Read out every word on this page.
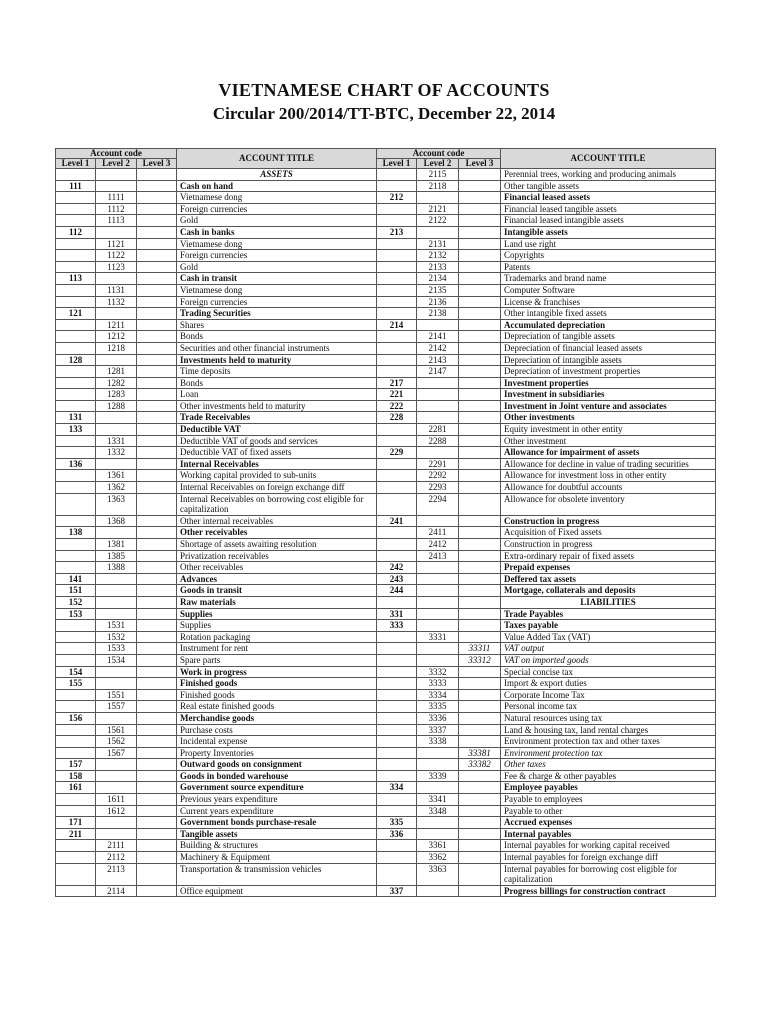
VIETNAMESE CHART OF ACCOUNTS
Circular 200/2014/TT-BTC, December 22, 2014
Account code			ACCOUNT TITLE	Account code			ACCOUNT TITLE
Level 1	Level 2	Level 3		Level 1	Level 2	Level 3	
			ASSETS		2115		Perennial trees, working and producing animals
111			Cash on hand		2118		Other tangible assets
	1111		Vietnamese dong	212			Financial leased assets
	1112		Foreign currencies		2121		Financial leased tangible assets
	1113		Gold		2122		Financial leased intangible assets
112			Cash in banks	213			Intangible assets
	1121		Vietnamese dong		2131		Land use right
	1122		Foreign currencies		2132		Copyrights
	1123		Gold		2133		Patents
113			Cash in transit		2134		Trademarks and brand name
	1131		Vietnamese dong		2135		Computer Software
	1132		Foreign currencies		2136		License & franchises
121			Trading Securities		2138		Other intangible fixed assets
	1211		Shares	214			Accumulated depreciation
	1212		Bonds		2141		Depreciation of tangible assets
	1218		Securities and other financial instruments		2142		Depreciation of financial leased assets
128			Investments held to maturity		2143		Depreciation of intangible assets
	1281		Time deposits		2147		Depreciation of investment properties
	1282		Bonds	217			Investment properties
	1283		Loan	221			Investment in subsidiaries
	1288		Other investments held to maturity	222			Investment in Joint venture and associates
131			Trade Receivables	228			Other investments
133			Deductible VAT		2281		Equity investment in other entity
	1331		Deductible VAT of goods and services		2288		Other investment
	1332		Deductible VAT of fixed assets	229			Allowance for impairment of assets
136			Internal Receivables		2291		Allowance for decline in value of trading securities
	1361		Working capital provided to sub-units		2292		Allowance for investment loss in other entity
	1362		Internal Receivables on foreign exchange diff		2293		Allowance for doubtful accounts
	1363		Internal Receivables on borrowing cost eligible for capitalization		2294		Allowance for obsolete inventory
	1368		Other internal receivables	241			Construction in progress
138			Other receivables		2411		Acquisition of Fixed assets
	1381		Shortage of assets awaiting resolution		2412		Construction in progress
	1385		Privatization receivables		2413		Extra-ordinary repair of fixed assets
	1388		Other receivables	242			Prepaid expenses
141			Advances	243			Deffered tax assets
151			Goods in transit	244			Mortgage, collaterals and deposits
152			Raw materials				LIABILITIES
153			Supplies	331			Trade Payables
	1531		Supplies	333			Taxes payable
	1532		Rotation packaging		3331		Value Added Tax (VAT)
	1533		Instrument for rent			33311	VAT output
	1534		Spare parts			33312	VAT on imported goods
154			Work in progress		3332		Special concise tax
155			Finished goods		3333		Import & export duties
	1551		Finished goods		3334		Corporate Income Tax
	1557		Real estate finished goods		3335		Personal income tax
156			Merchandise goods		3336		Natural resources using tax
	1561		Purchase costs		3337		Land & housing tax, land rental charges
	1562		Incidental expense		3338		Environment protection tax and other taxes
	1567		Property Inventories			33381	Environment protection tax
157			Outward goods on consignment			33382	Other taxes
158			Goods in bonded warehouse		3339		Fee & charge & other payables
161			Government source expenditure	334			Employee payables
	1611		Previous years expenditure		3341		Payable to employees
	1612		Current years expenditure		3348		Payable to other
171			Government bonds purchase-resale	335			Accrued expenses
211			Tangible assets	336			Internal payables
	2111		Building & structures		3361		Internal payables for working capital received
	2112		Machinery & Equipment		3362		Internal payables for foreign exchange diff
	2113		Transportation & transmission vehicles		3363		Internal payables for borrowing cost eligible for capitalization
	2114		Office equipment	337			Progress billings for construction contract
